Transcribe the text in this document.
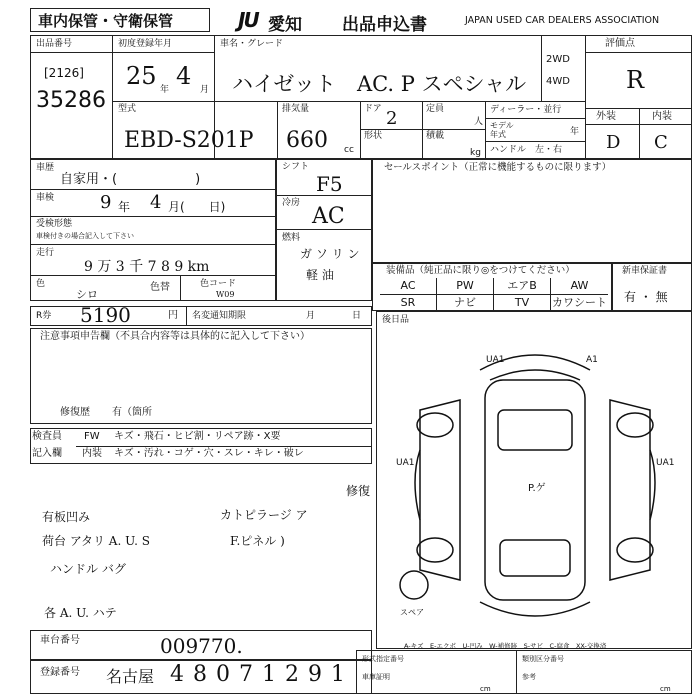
車内保管・守衛保管	JU 愛知 出品申込書	JAPAN USED CAR DEALERS ASSOCIATION
出品番号
[2126]
35286
初度登録年月
25 年 4 月
車名・グレード
ハイゼット　AC. P スペシャル
2WD
4WD
評価点
R
外装	内装
D C
型式
EBD-S201P
排気量
660 cc
ドア 2	定員
人
形状	積載
kg
ディーラー・並行
モデル
年式	年
ハンドル　左・右
車歴
自家用・(　　　　　　)
車検	9 年 4 月(　　日)
受検形態
車検付きの場合記入して下さい
走行
9 万 3 千 7 8 9 km
色
シロ
色替	色コード
W09
シフト
F5
冷房
AC
燃料
ガ ソ リ ン
軽 油
セールスポイント（正常に機能するものに限ります）
装備品（純正品に限り◎をつけてください）
AC	PW	エアB	AW
SR	ナビ	TV	カワシート
新車保証書
有 ・ 無
R券 5190	円 名変通知期限	月	日
注意事項申告欄（不具合内容等は具体的に記入して下さい）
修復歴 有（箇所
検査員
記入欄
FW キズ・飛石・ヒビ割・リペア跡・X要
内装 キズ・汚れ・コゲ・穴・スレ・キレ・破レ
有板凹み
荷台 アタリ A. U. S
ハンドル バグ
各 A. U. ハテ
カトピラージ ア
F.ピネル )
修復
後日品
UA1	A1
UA1	UA1
P.ゲ
スペア
A-キズ　E-エクボ　U-凹み　W-補修跡　S-サビ　C-腐食　XX-交換済
車台番号	009770.
登録番号 名古屋 4 8 0 7 1 2 9 1
形式指定番号	類別区分番号
車庫証明	参考
cm	cm
